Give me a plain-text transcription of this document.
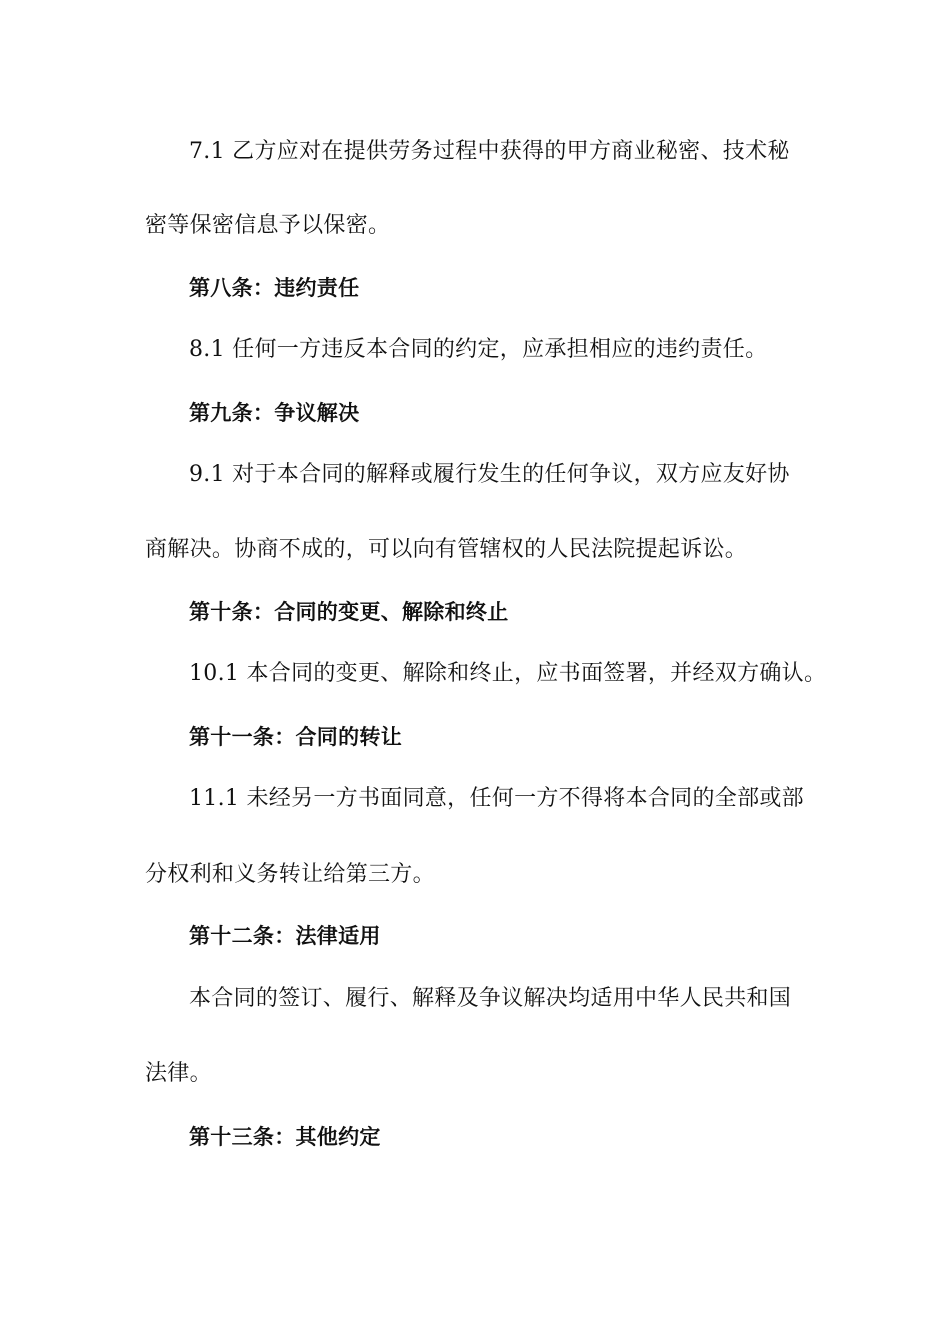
7.1 乙方应对在提供劳务过程中获得的甲方商业秘密、技术秘
密等保密信息予以保密。
第八条：违约责任
8.1 任何一方违反本合同的约定，应承担相应的违约责任。
第九条：争议解决
9.1 对于本合同的解释或履行发生的任何争议，双方应友好协
商解决。协商不成的，可以向有管辖权的人民法院提起诉讼。
第十条：合同的变更、解除和终止
10.1 本合同的变更、解除和终止，应书面签署，并经双方确认。
第十一条：合同的转让
11.1 未经另一方书面同意，任何一方不得将本合同的全部或部
分权利和义务转让给第三方。
第十二条：法律适用
本合同的签订、履行、解释及争议解决均适用中华人民共和国
法律。
第十三条：其他约定
